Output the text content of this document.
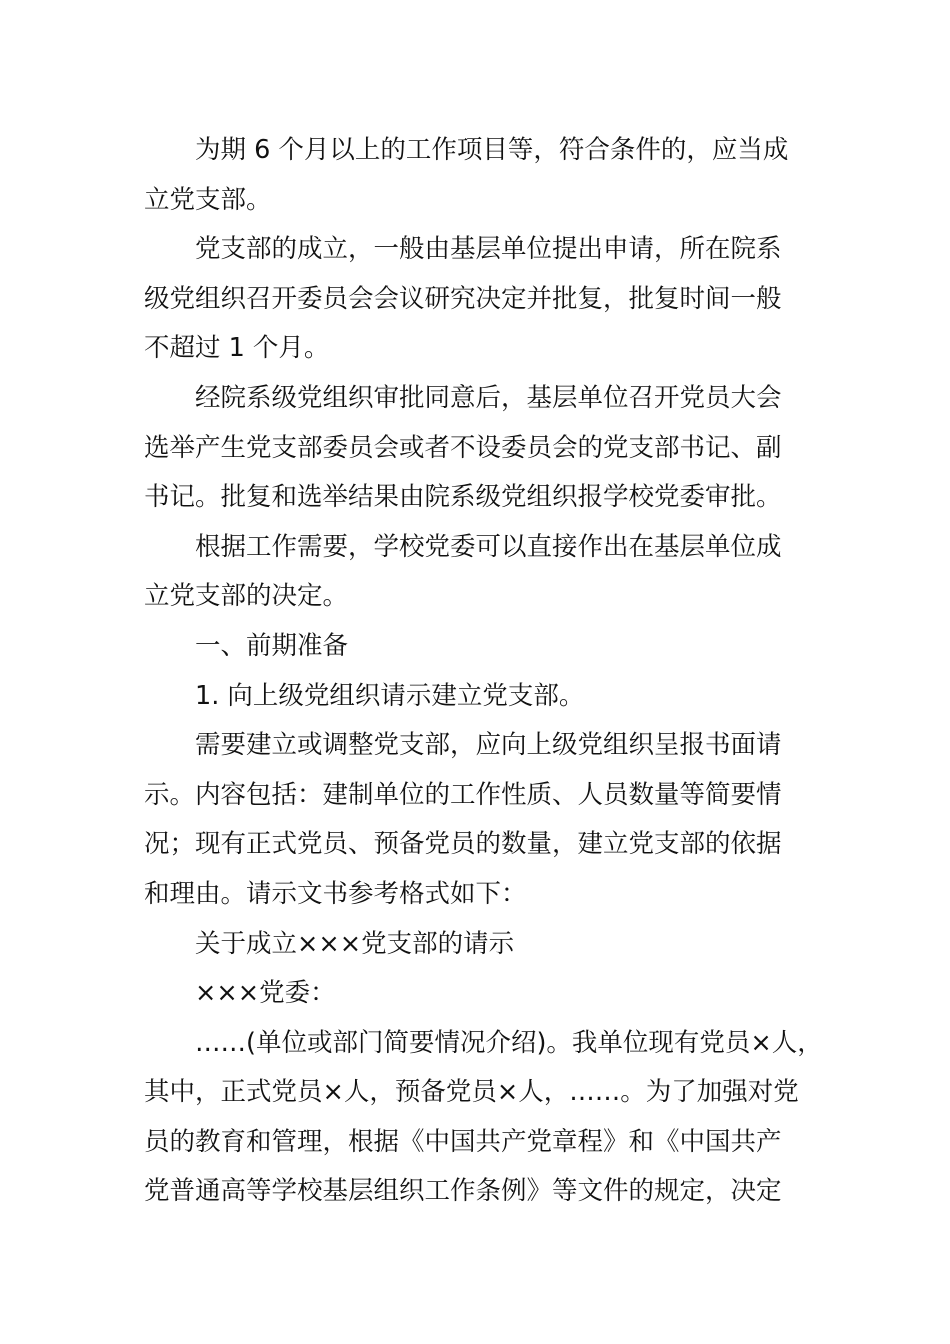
为期 6 个月以上的工作项目等，符合条件的，应当成

立党支部。

党支部的成立，一般由基层单位提出申请，所在院系

级党组织召开委员会会议研究决定并批复，批复时间一般

不超过 1 个月。

经院系级党组织审批同意后，基层单位召开党员大会

选举产生党支部委员会或者不设委员会的党支部书记、副

书记。批复和选举结果由院系级党组织报学校党委审批。

根据工作需要，学校党委可以直接作出在基层单位成

立党支部的决定。

一、前期准备

1. 向上级党组织请示建立党支部。

需要建立或调整党支部，应向上级党组织呈报书面请

示。内容包括：建制单位的工作性质、人员数量等简要情

况；现有正式党员、预备党员的数量，建立党支部的依据

和理由。请示文书参考格式如下：

关于成立×××党支部的请示

×××党委：

……(单位或部门简要情况介绍)。我单位现有党员×人，

其中，正式党员×人，预备党员×人，……。为了加强对党

员的教育和管理，根据《中国共产党章程》和《中国共产

党普通高等学校基层组织工作条例》等文件的规定，决定
